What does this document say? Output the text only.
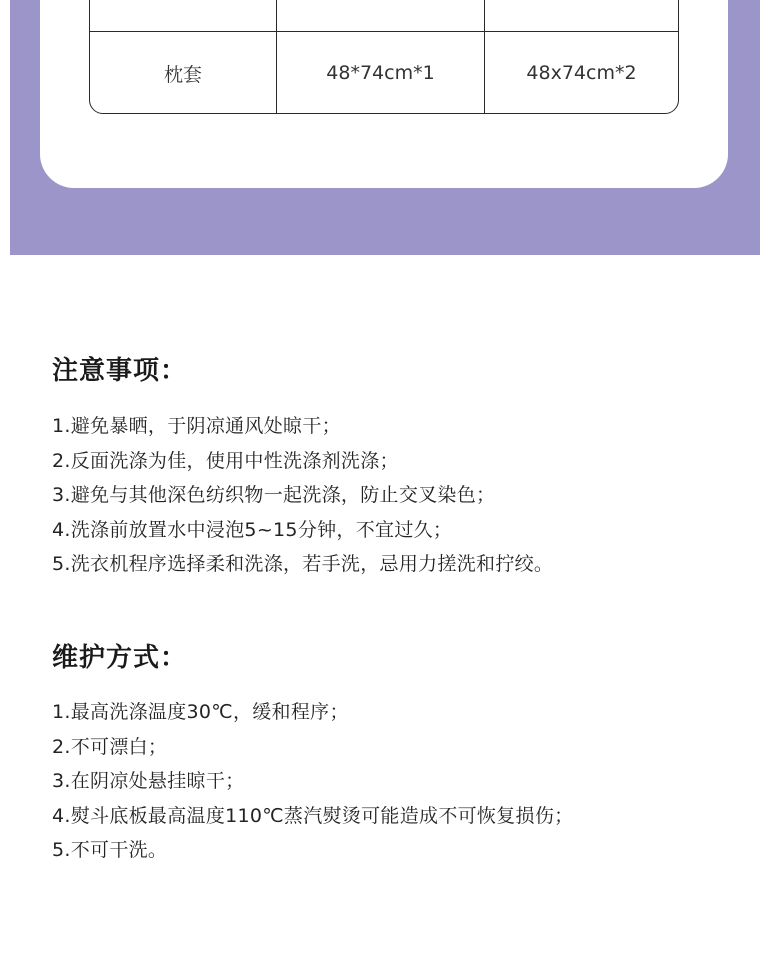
枕套	48*74cm*1	48x74cm*2
注意事项：
1.避免暴晒，于阴凉通风处晾干；
2.反面洗涤为佳，使用中性洗涤剂洗涤；
3.避免与其他深色纺织物一起洗涤，防止交叉染色；
4.洗涤前放置水中浸泡5~15分钟，不宜过久；
5.洗衣机程序选择柔和洗涤，若手洗，忌用力搓洗和拧绞。
维护方式：
1.最高洗涤温度30℃，缓和程序；
2.不可漂白；
3.在阴凉处悬挂晾干；
4.熨斗底板最高温度110℃蒸汽熨烫可能造成不可恢复损伤；
5.不可干洗。
